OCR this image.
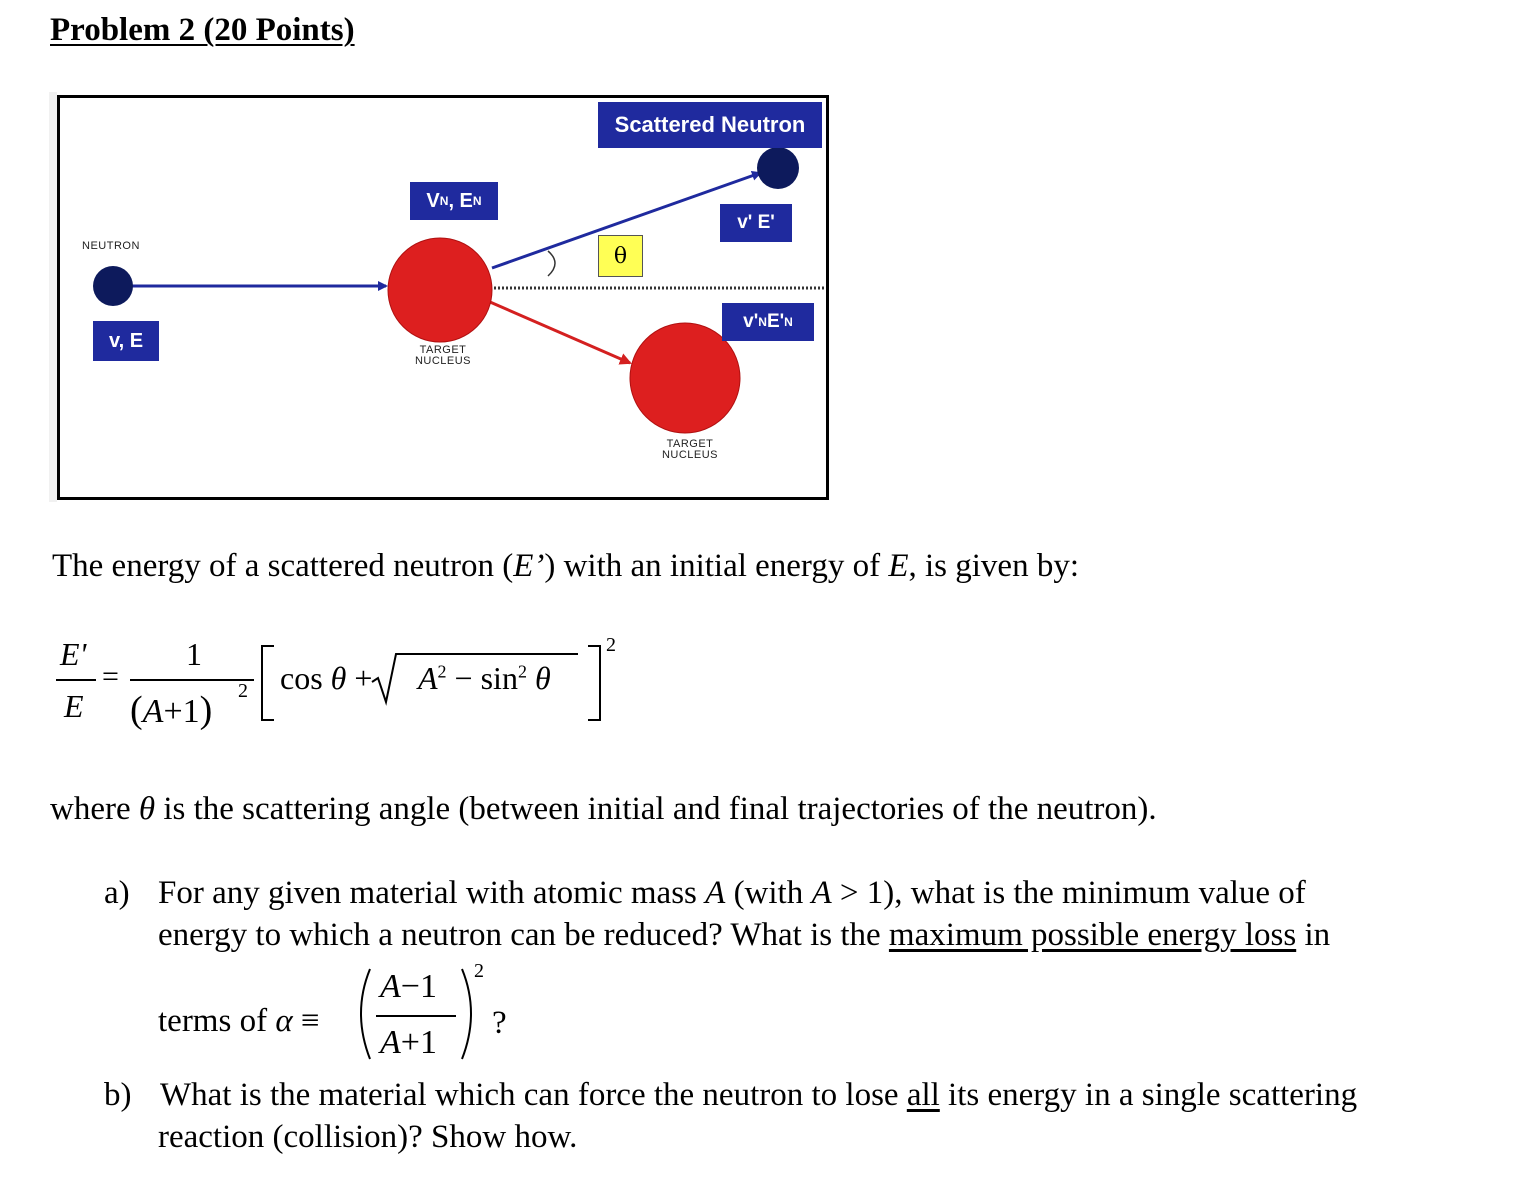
Problem 2 (20 Points)
Scattered Neutron
V N , E N
v' E'
θ
NEUTRON
v, E
v' N E' N
TARGET
NUCLEUS
TARGET
NUCLEUS
The energy of a scattered neutron (E’) with an initial energy of E, is given by:
E'
E
=
1
(A+1) 2 $\cos \theta + A^2 - \sin^2 \theta$
2
where θ is the scattering angle (between initial and final trajectories of the neutron).
a) For any given material with atomic mass A (with A > 1), what is the minimum value of
energy to which a neutron can be reduced? What is the maximum possible energy loss in
terms of α ≡
A−1
A+1
2
?
b) What is the material which can force the neutron to lose all its energy in a single scattering
reaction (collision)? Show how.
